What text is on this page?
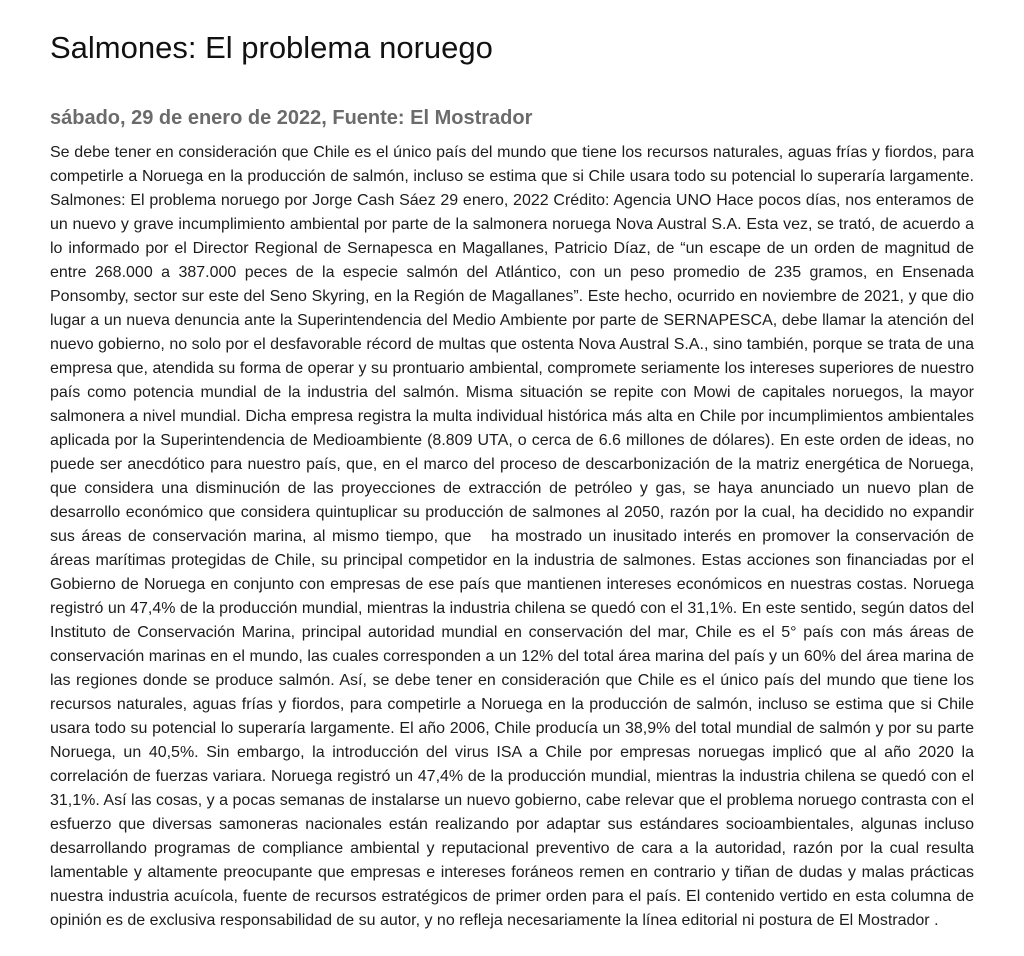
Salmones: El problema noruego
sábado, 29 de enero de 2022, Fuente: El Mostrador

Se debe tener en consideración que Chile es el único país del mundo que tiene los recursos naturales, aguas frías y fiordos, para competirle a Noruega en la producción de salmón, incluso se estima que si Chile usara todo su potencial lo superaría largamente. Salmones: El problema noruego por Jorge Cash Sáez 29 enero, 2022 Crédito: Agencia UNO Hace pocos días, nos enteramos de un nuevo y grave incumplimiento ambiental por parte de la salmonera noruega Nova Austral S.A. Esta vez, se trató, de acuerdo a lo informado por el Director Regional de Sernapesca en Magallanes, Patricio Díaz, de “un escape de un orden de magnitud de entre 268.000 a 387.000 peces de la especie salmón del Atlántico, con un peso promedio de 235 gramos, en Ensenada Ponsomby, sector sur este del Seno Skyring, en la Región de Magallanes”. Este hecho, ocurrido en noviembre de 2021, y que dio lugar a un nueva denuncia ante la Superintendencia del Medio Ambiente por parte de SERNAPESCA, debe llamar la atención del nuevo gobierno, no solo por el desfavorable récord de multas que ostenta Nova Austral S.A., sino también, porque se trata de una empresa que, atendida su forma de operar y su prontuario ambiental, compromete seriamente los intereses superiores de nuestro país como potencia mundial de la industria del salmón. Misma situación se repite con Mowi de capitales noruegos, la mayor salmonera a nivel mundial. Dicha empresa registra la multa individual histórica más alta en Chile por incumplimientos ambientales aplicada por la Superintendencia de Medioambiente (8.809 UTA, o cerca de 6.6 millones de dólares). En este orden de ideas, no puede ser anecdótico para nuestro país, que, en el marco del proceso de descarbonización de la matriz energética de Noruega, que considera una disminución de las proyecciones de extracción de petróleo y gas, se haya anunciado un nuevo plan de desarrollo económico que considera quintuplicar su producción de salmones al 2050, razón por la cual, ha decidido no expandir sus áreas de conservación marina, al mismo tiempo, que   ha mostrado un inusitado interés en promover la conservación de áreas marítimas protegidas de Chile, su principal competidor en la industria de salmones. Estas acciones son financiadas por el Gobierno de Noruega en conjunto con empresas de ese país que mantienen intereses económicos en nuestras costas. Noruega registró un 47,4% de la producción mundial, mientras la industria chilena se quedó con el 31,1%. En este sentido, según datos del Instituto de Conservación Marina, principal autoridad mundial en conservación del mar, Chile es el 5° país con más áreas de conservación marinas en el mundo, las cuales corresponden a un 12% del total área marina del país y un 60% del área marina de las regiones donde se produce salmón. Así, se debe tener en consideración que Chile es el único país del mundo que tiene los recursos naturales, aguas frías y fiordos, para competirle a Noruega en la producción de salmón, incluso se estima que si Chile usara todo su potencial lo superaría largamente. El año 2006, Chile producía un 38,9% del total mundial de salmón y por su parte Noruega, un 40,5%. Sin embargo, la introducción del virus ISA a Chile por empresas noruegas implicó que al año 2020 la correlación de fuerzas variara. Noruega registró un 47,4% de la producción mundial, mientras la industria chilena se quedó con el 31,1%. Así las cosas, y a pocas semanas de instalarse un nuevo gobierno, cabe relevar que el problema noruego contrasta con el esfuerzo que diversas samoneras nacionales están realizando por adaptar sus estándares socioambientales, algunas incluso desarrollando programas de compliance ambiental y reputacional preventivo de cara a la autoridad, razón por la cual resulta lamentable y altamente preocupante que empresas e intereses foráneos remen en contrario y tiñan de dudas y malas prácticas nuestra industria acuícola, fuente de recursos estratégicos de primer orden para el país. El contenido vertido en esta columna de opinión es de exclusiva responsabilidad de su autor, y no refleja necesariamente la línea editorial ni postura de El Mostrador .
